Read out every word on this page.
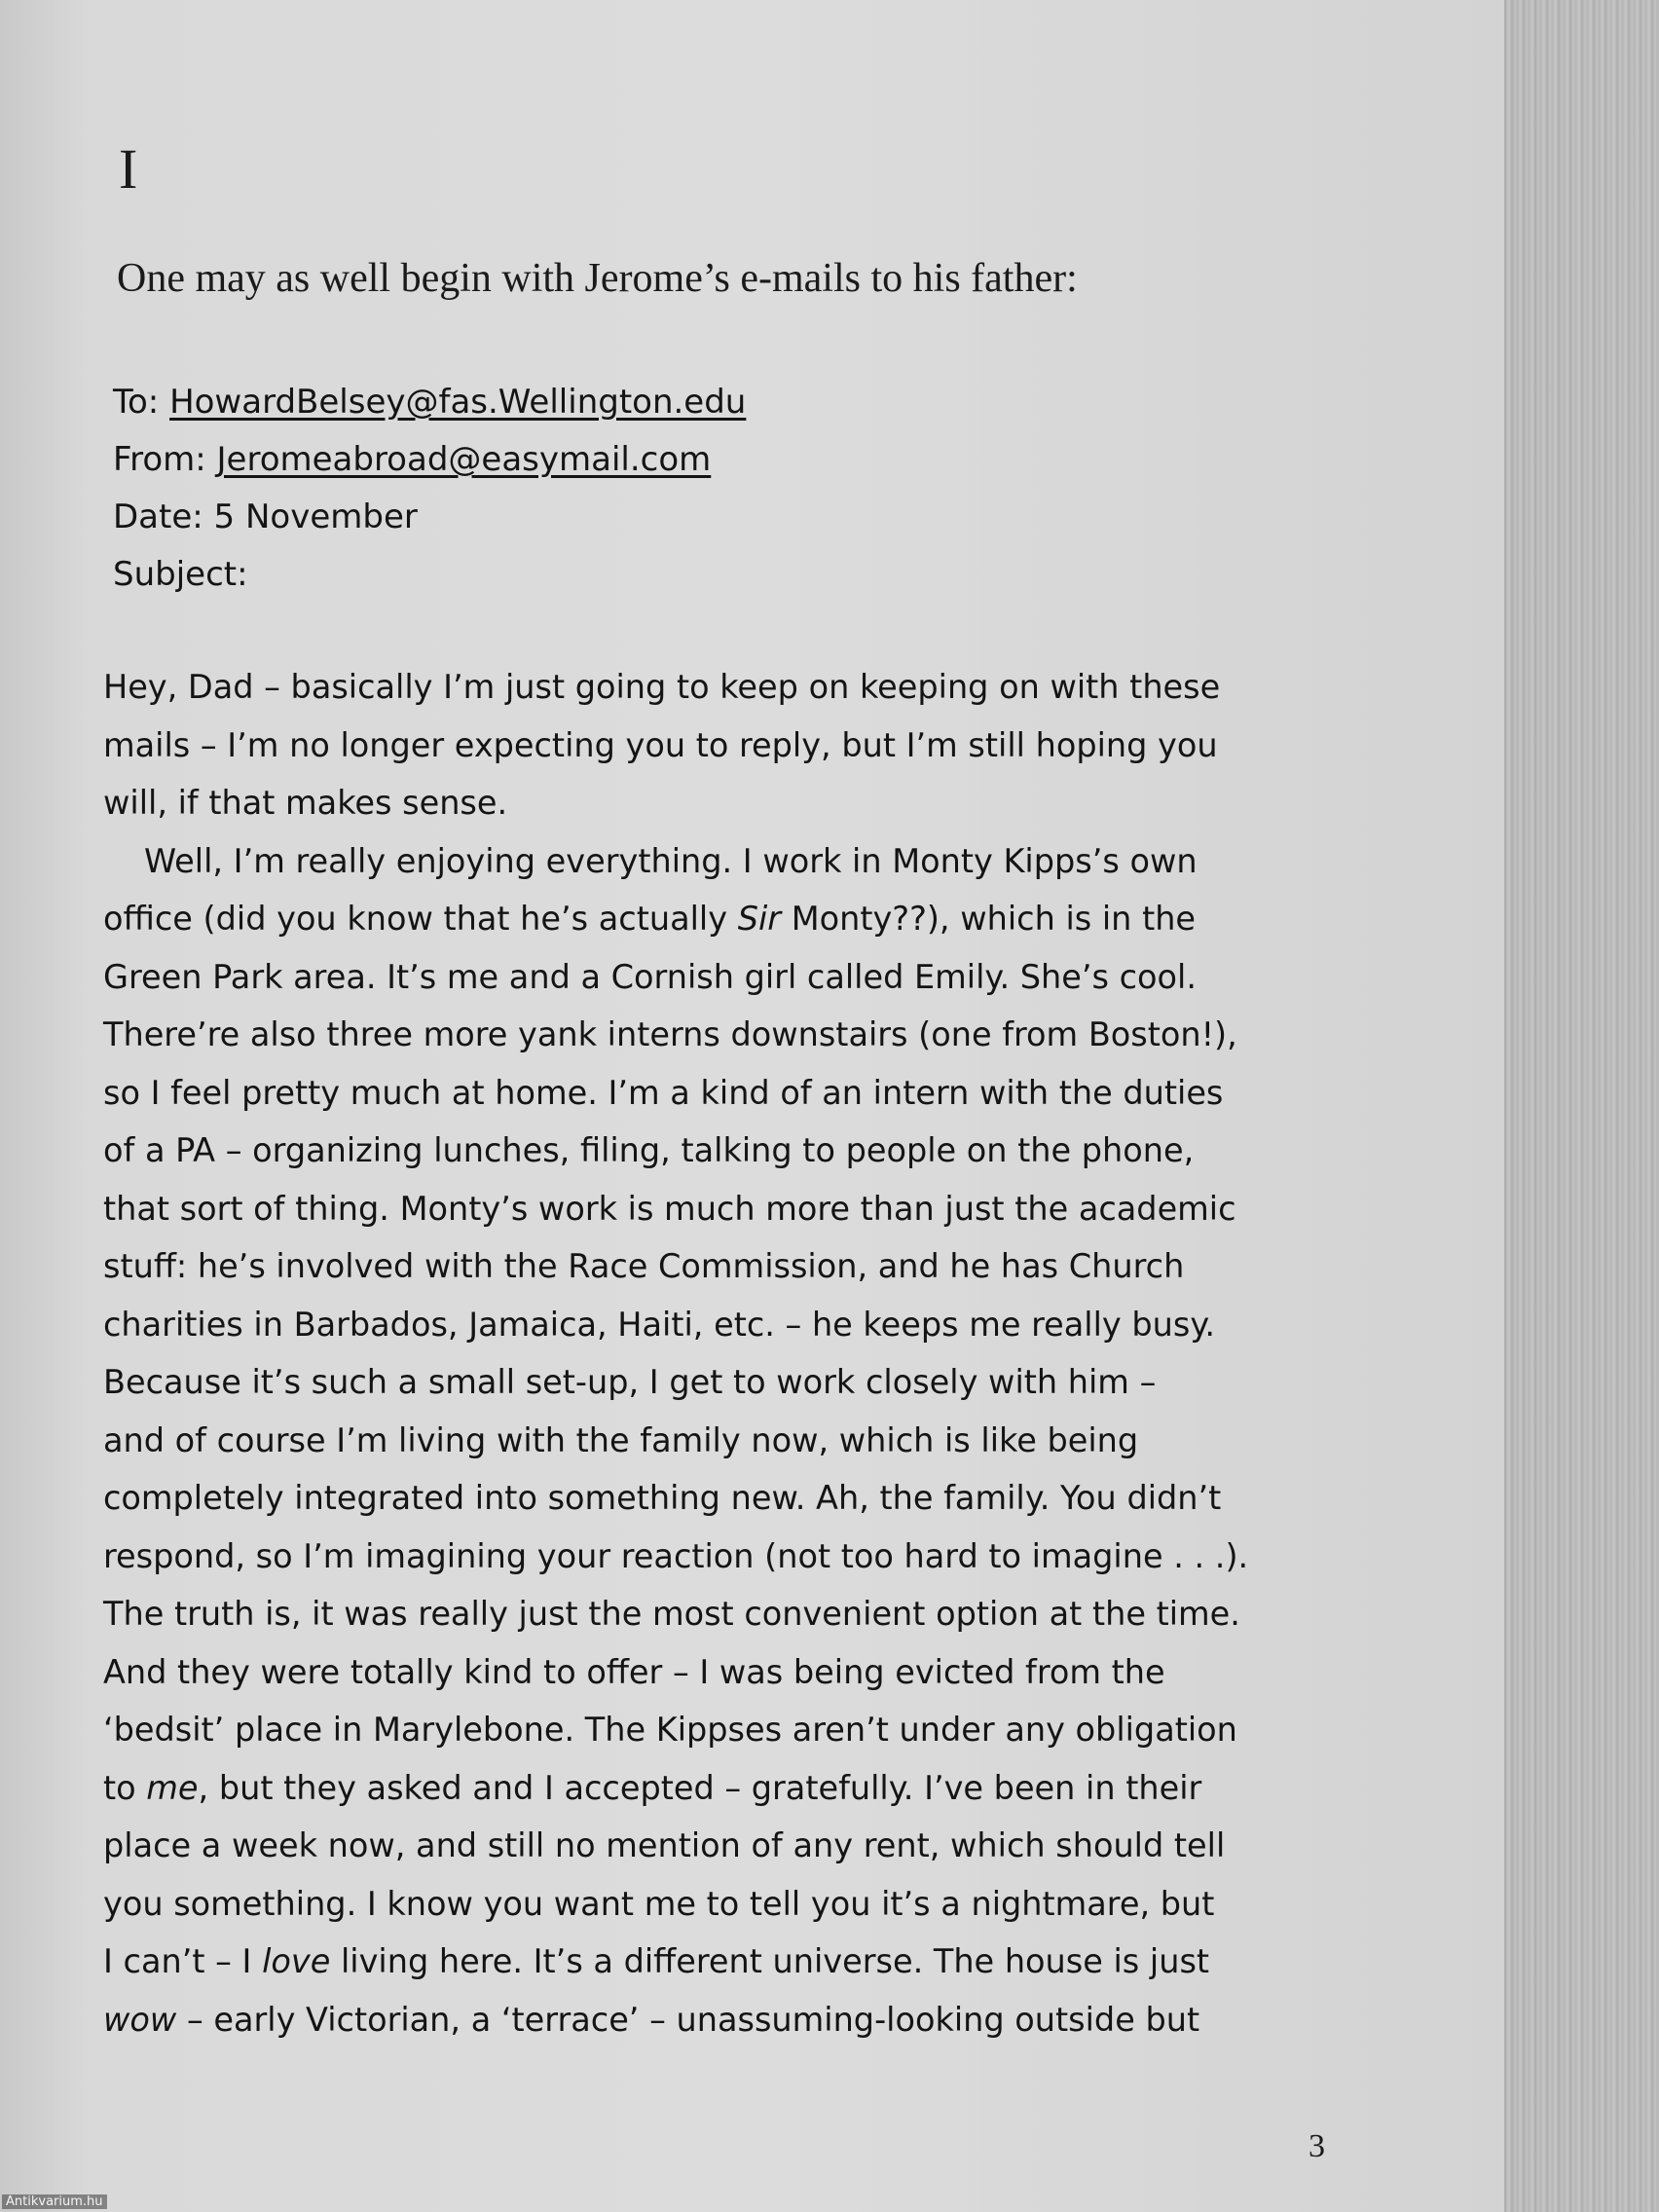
I

One may as well begin with Jerome’s e-mails to his father:

To: HowardBelsey@fas.Wellington.edu
From: Jeromeabroad@easymail.com
Date: 5 November
Subject:
Hey, Dad – basically I’m just going to keep on keeping on with these
mails – I’m no longer expecting you to reply, but I’m still hoping you
will, if that makes sense.
Well, I’m really enjoying everything. I work in Monty Kipps’s own
office (did you know that he’s actually Sir Monty??), which is in the
Green Park area. It’s me and a Cornish girl called Emily. She’s cool.
There’re also three more yank interns downstairs (one from Boston!),
so I feel pretty much at home. I’m a kind of an intern with the duties
of a PA – organizing lunches, filing, talking to people on the phone,
that sort of thing. Monty’s work is much more than just the academic
stuff: he’s involved with the Race Commission, and he has Church
charities in Barbados, Jamaica, Haiti, etc. – he keeps me really busy.
Because it’s such a small set-up, I get to work closely with him –
and of course I’m living with the family now, which is like being
completely integrated into something new. Ah, the family. You didn’t
respond, so I’m imagining your reaction (not too hard to imagine . . .).
The truth is, it was really just the most convenient option at the time.
And they were totally kind to offer – I was being evicted from the
‘bedsit’ place in Marylebone. The Kippses aren’t under any obligation
to me, but they asked and I accepted – gratefully. I’ve been in their
place a week now, and still no mention of any rent, which should tell
you something. I know you want me to tell you it’s a nightmare, but
I can’t – I love living here. It’s a different universe. The house is just
wow – early Victorian, a ‘terrace’ – unassuming-looking outside but
3
Antikvarium.hu
